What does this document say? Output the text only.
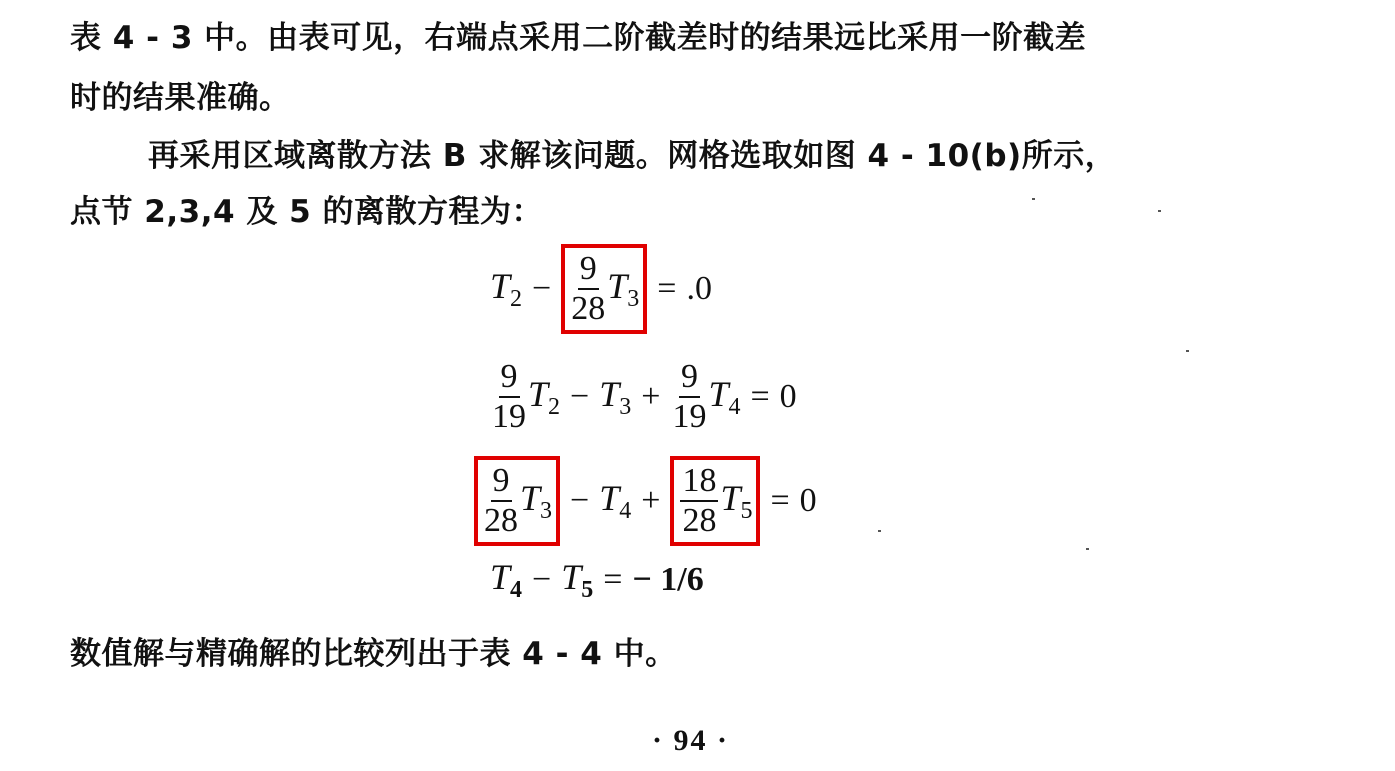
表 4 - 3 中。由表可见，右端点采用二阶截差时的结果远比采用一阶截差
时的结果准确。
再采用区域离散方法 B 求解该问题。网格选取如图 4 - 10(b)所示，
点节 2,3,4 及 5 的离散方程为：
$T_2 - \frac{9}{28} T_3 = .0$
$\frac{9}{19} T_2 - T_3 + \frac{9}{19} T_4 = 0$
$\frac{9}{28} T_3 - T_4 + \frac{18}{28} T_5 = 0$
$T_4 - T_5$ = − 1/6
数值解与精确解的比较列出于表 4 - 4 中。
· 94 ·
